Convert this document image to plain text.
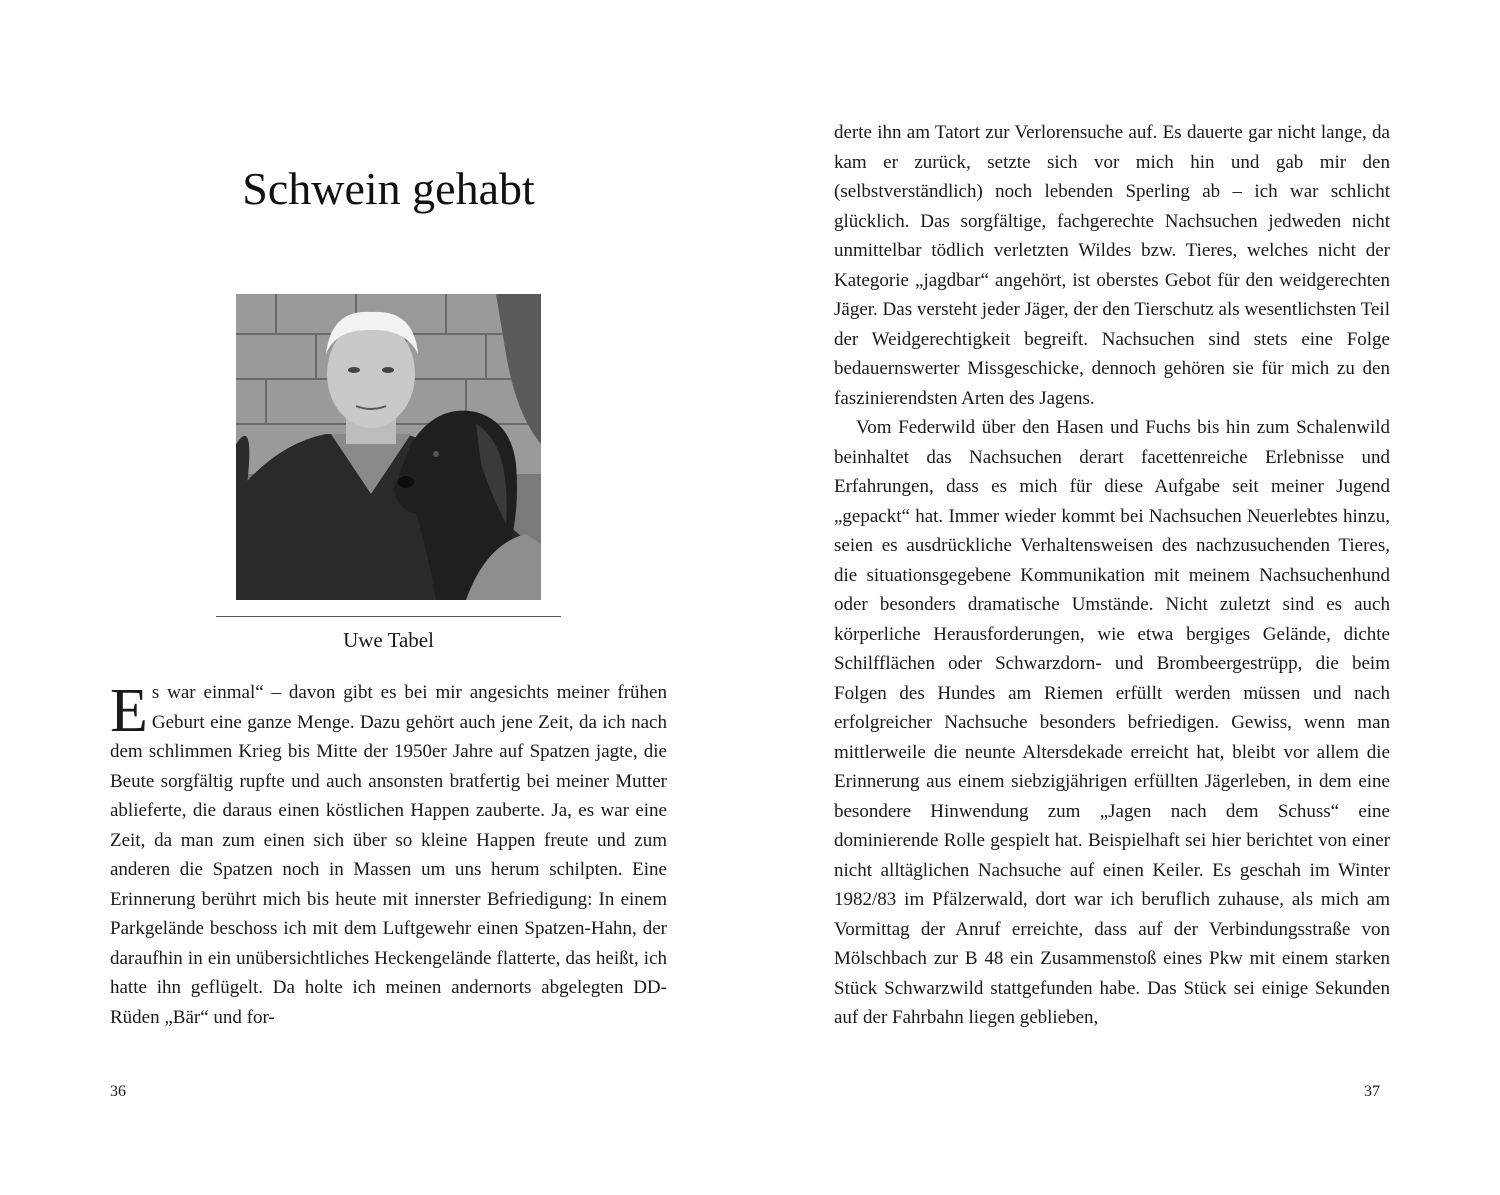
Schwein gehabt
Uwe Tabel

Es war einmal“ – davon gibt es bei mir angesichts meiner frühen Geburt eine ganze Menge. Dazu gehört auch jene Zeit, da ich nach dem schlimmen Krieg bis Mitte der 1950er Jahre auf Spatzen jagte, die Beute sorgfältig rupfte und auch ansonsten bratfertig bei meiner Mutter ablieferte, die daraus einen köstlichen Happen zauberte. Ja, es war eine Zeit, da man zum einen sich über so kleine Happen freute und zum anderen die Spatzen noch in Massen um uns herum schilpten. Eine Erinnerung berührt mich bis heute mit innerster Befriedigung: In einem Parkgelände beschoss ich mit dem Luftgewehr einen Spatzen-Hahn, der daraufhin in ein unübersichtliches Heckengelände flatterte, das heißt, ich hatte ihn geflügelt. Da holte ich meinen andernorts abgelegten DD-Rüden „Bär“ und for-

36

derte ihn am Tatort zur Verlorensuche auf. Es dauerte gar nicht lange, da kam er zurück, setzte sich vor mich hin und gab mir den (selbstverständlich) noch lebenden Sperling ab – ich war schlicht glücklich. Das sorgfältige, fachgerechte Nachsuchen jedweden nicht unmittelbar tödlich verletzten Wildes bzw. Tieres, welches nicht der Kategorie „jagdbar“ angehört, ist oberstes Gebot für den weidgerechten Jäger. Das versteht jeder Jäger, der den Tierschutz als wesentlichsten Teil der Weidgerechtigkeit begreift. Nachsuchen sind stets eine Folge bedauernswerter Missgeschicke, dennoch gehören sie für mich zu den faszinierendsten Arten des Jagens.

Vom Federwild über den Hasen und Fuchs bis hin zum Schalenwild beinhaltet das Nachsuchen derart facettenreiche Erlebnisse und Erfahrungen, dass es mich für diese Aufgabe seit meiner Jugend „gepackt“ hat. Immer wieder kommt bei Nachsuchen Neuerlebtes hinzu, seien es ausdrückliche Verhaltensweisen des nachzusuchenden Tieres, die situationsgegebene Kommunikation mit meinem Nachsuchenhund oder besonders dramatische Umstände. Nicht zuletzt sind es auch körperliche Herausforderungen, wie etwa bergiges Gelände, dichte Schilfflächen oder Schwarzdorn- und Brombeergestrüpp, die beim Folgen des Hundes am Riemen erfüllt werden müssen und nach erfolgreicher Nachsuche besonders befriedigen. Gewiss, wenn man mittlerweile die neunte Altersdekade erreicht hat, bleibt vor allem die Erinnerung aus einem siebzigjährigen erfüllten Jägerleben, in dem eine besondere Hinwendung zum „Jagen nach dem Schuss“ eine dominierende Rolle gespielt hat. Beispielhaft sei hier berichtet von einer nicht alltäglichen Nachsuche auf einen Keiler. Es geschah im Winter 1982/83 im Pfälzerwald, dort war ich beruflich zuhause, als mich am Vormittag der Anruf erreichte, dass auf der Verbindungsstraße von Mölschbach zur B 48 ein Zusammenstoß eines Pkw mit einem starken Stück Schwarzwild stattgefunden habe. Das Stück sei einige Sekunden auf der Fahrbahn liegen geblieben,

37
